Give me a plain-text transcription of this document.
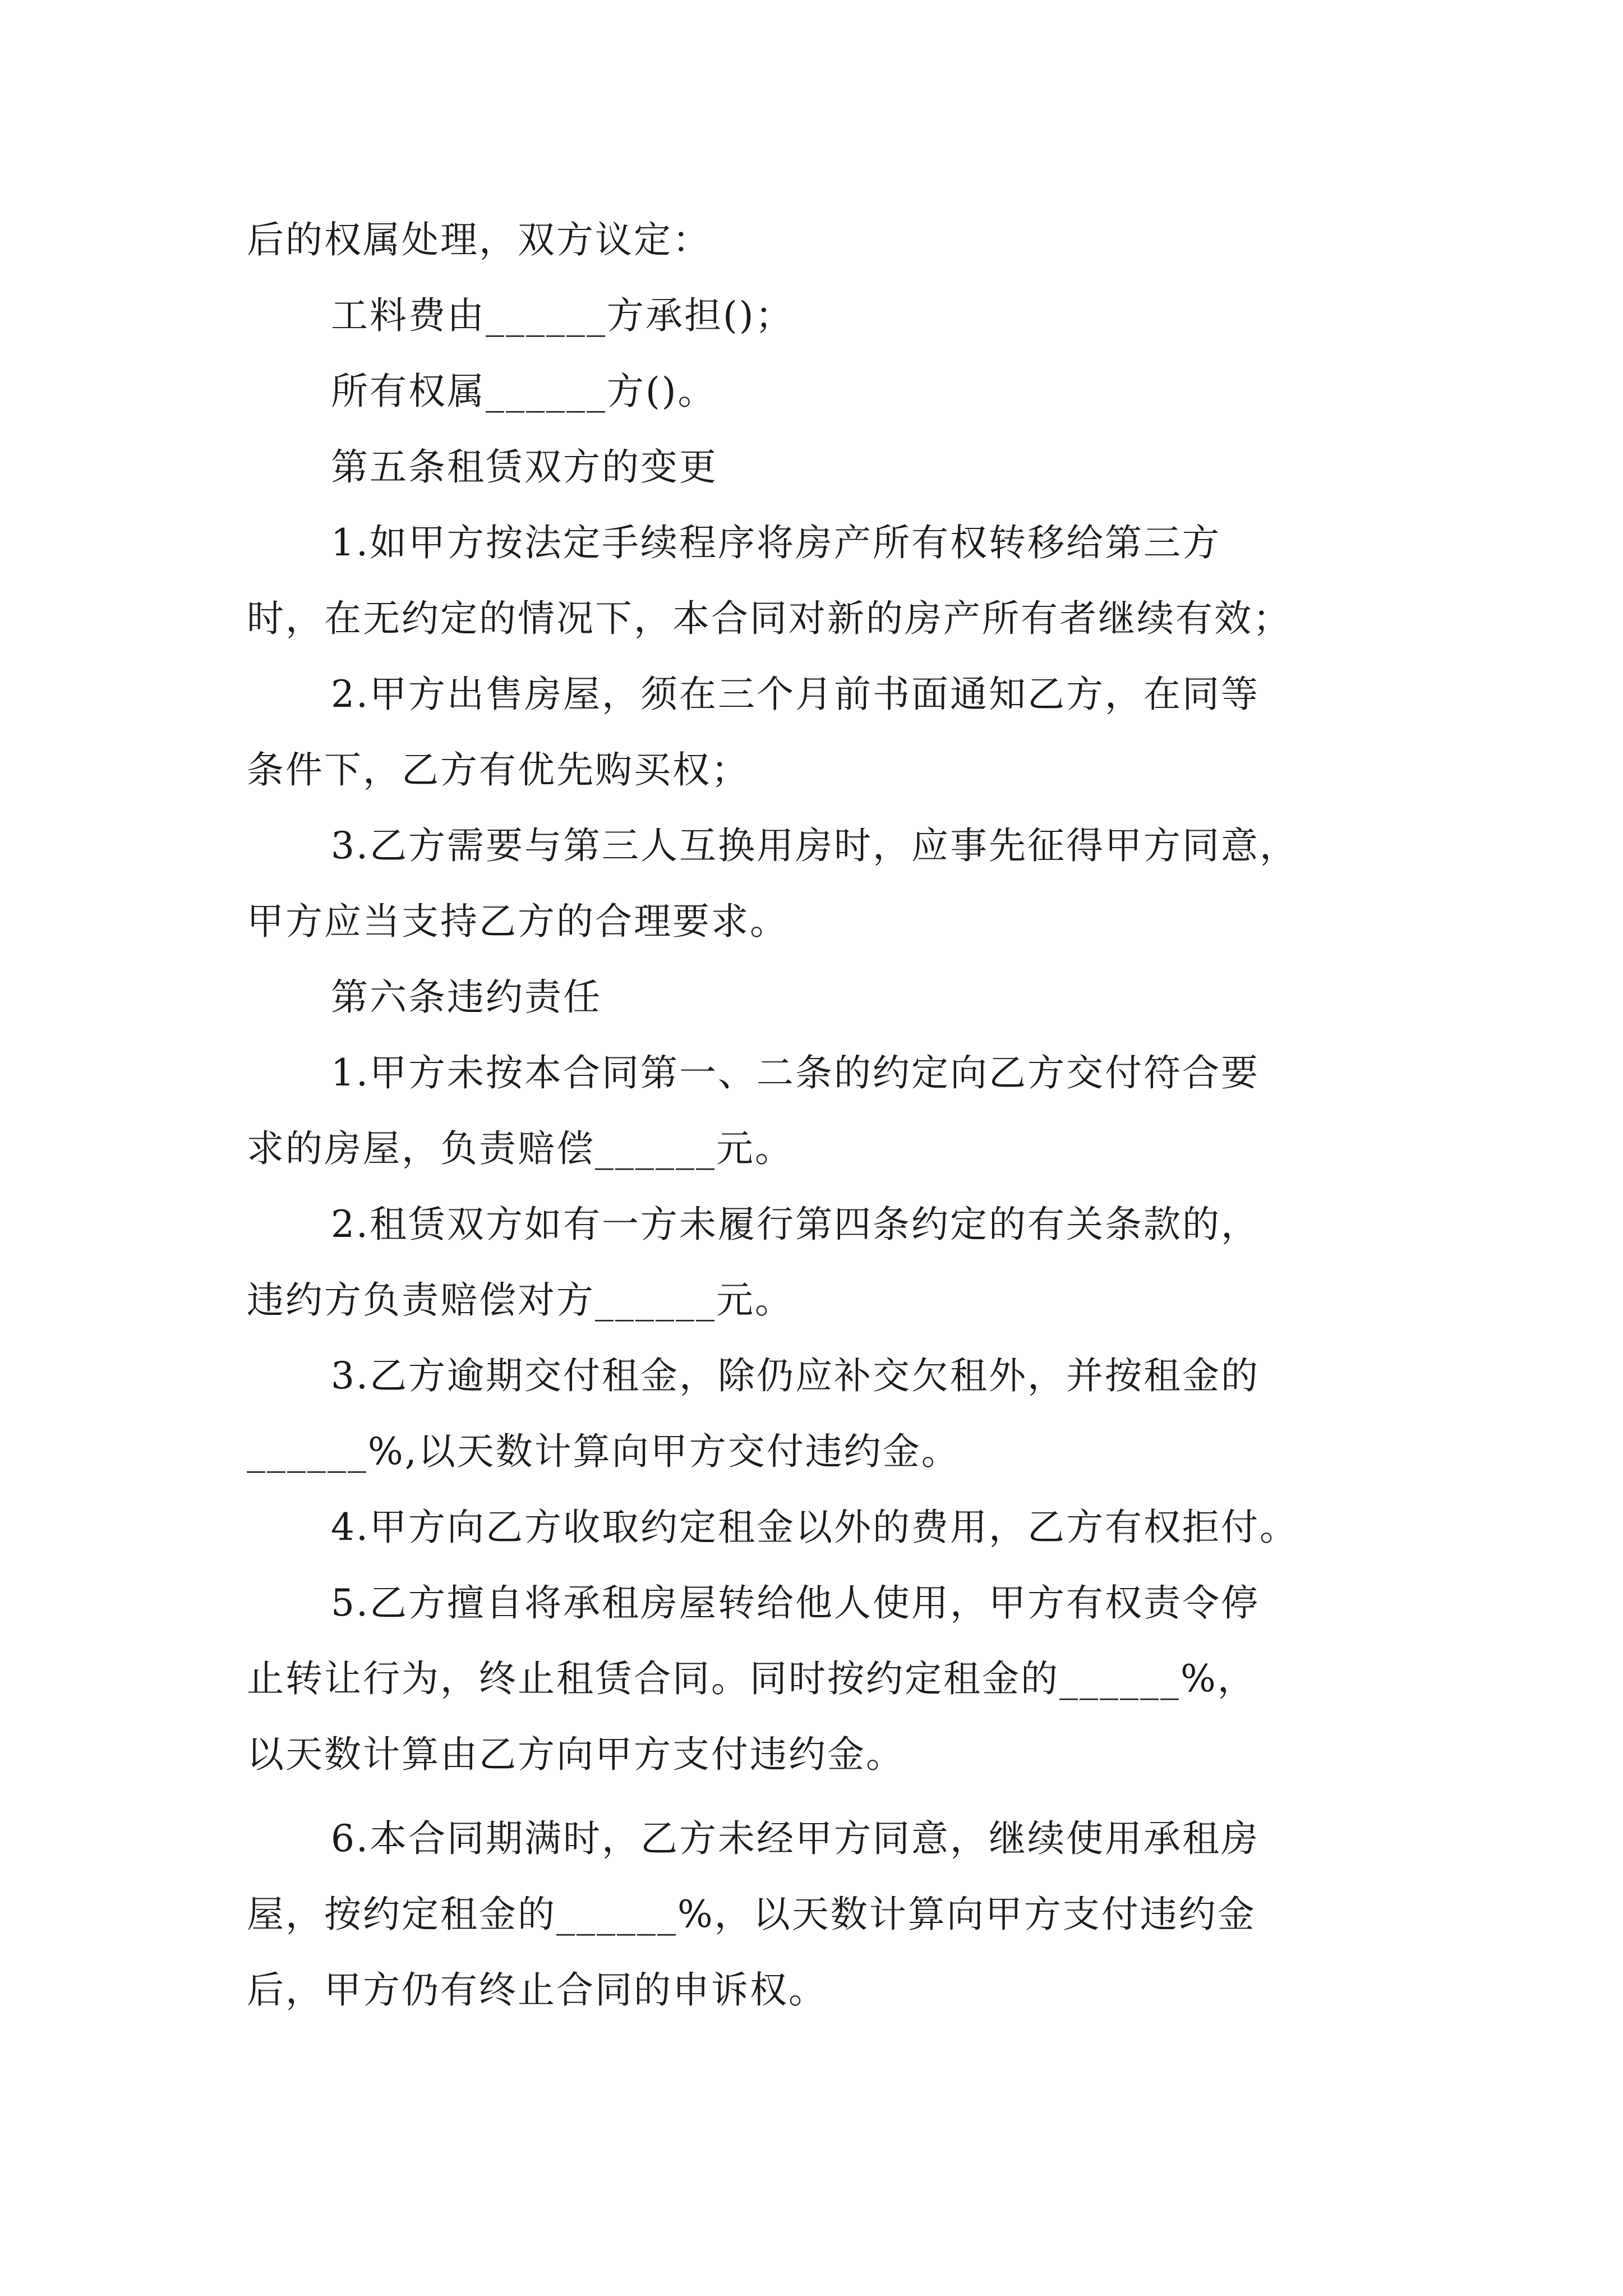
后的权属处理，双方议定：
工料费由______方承担()；
所有权属______方()。
第五条租赁双方的变更
1.如甲方按法定手续程序将房产所有权转移给第三方
时，在无约定的情况下，本合同对新的房产所有者继续有效；
2.甲方出售房屋，须在三个月前书面通知乙方，在同等
条件下，乙方有优先购买权；
3.乙方需要与第三人互换用房时，应事先征得甲方同意，
甲方应当支持乙方的合理要求。
第六条违约责任
1.甲方未按本合同第一、二条的约定向乙方交付符合要
求的房屋，负责赔偿______元。
2.租赁双方如有一方未履行第四条约定的有关条款的，
违约方负责赔偿对方______元。
3.乙方逾期交付租金，除仍应补交欠租外，并按租金的
______%,以天数计算向甲方交付违约金。
4.甲方向乙方收取约定租金以外的费用，乙方有权拒付。
5.乙方擅自将承租房屋转给他人使用，甲方有权责令停
止转让行为，终止租赁合同。同时按约定租金的______%，
以天数计算由乙方向甲方支付违约金。
6.本合同期满时，乙方未经甲方同意，继续使用承租房
屋，按约定租金的______%，以天数计算向甲方支付违约金
后，甲方仍有终止合同的申诉权。
